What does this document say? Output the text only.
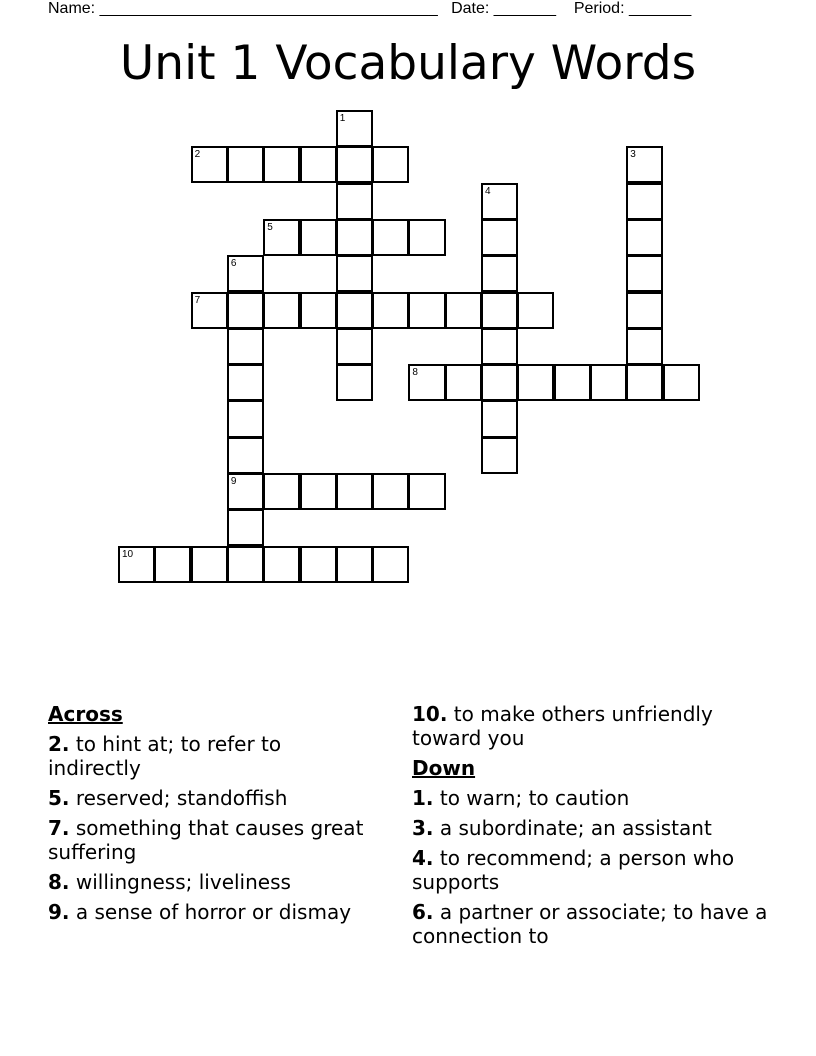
Name: ______________________________________ Date: _______ Period: _______
Unit 1 Vocabulary Words
1
2	3
4
5
6
9
7
8
10
Across
2. to hint at; to refer to indirectly
5. reserved; standoffish
7. something that causes great suffering
8. willingness; liveliness
9. a sense of horror or dismay
10. to make others unfriendly toward you
Down
1. to warn; to caution
3. a subordinate; an assistant
4. to recommend; a person who supports
6. a partner or associate; to have a connection to
